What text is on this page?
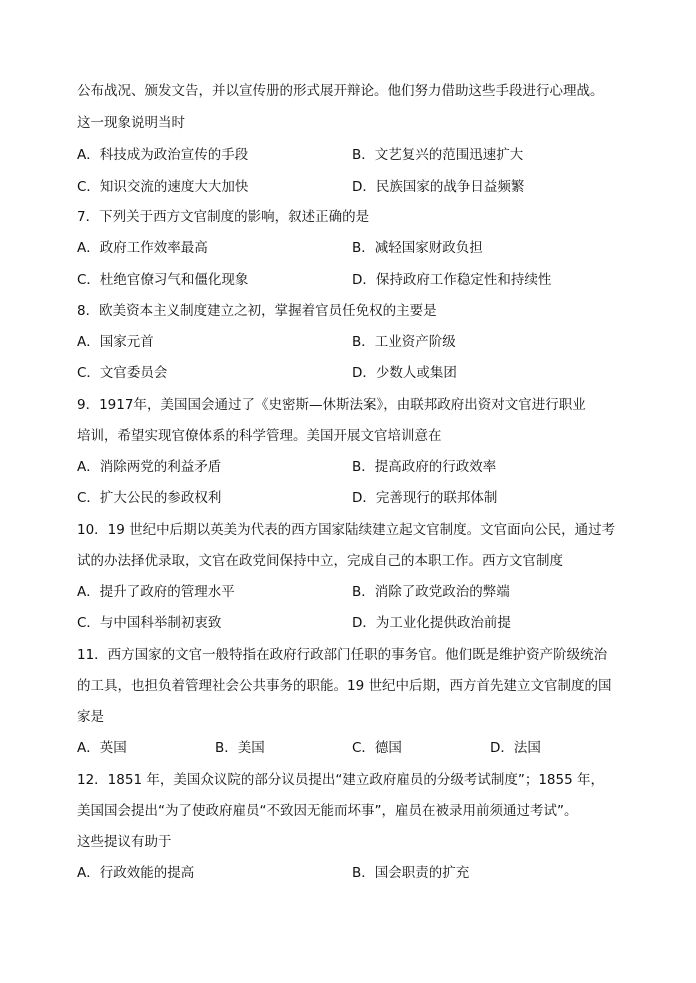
公布战况、颁发文告，并以宣传册的形式展开辩论。他们努力借助这些手段进行心理战。
这一现象说明当时
A．科技成为政治宣传的手段	B．文艺复兴的范围迅速扩大
C．知识交流的速度大大加快	D．民族国家的战争日益频繁
7．下列关于西方文官制度的影响，叙述正确的是
A．政府工作效率最高	B．减轻国家财政负担
C．杜绝官僚习气和僵化现象	D．保持政府工作稳定性和持续性
8．欧美资本主义制度建立之初，掌握着官员任免权的主要是
A．国家元首	B．工业资产阶级
C．文官委员会	D．少数人或集团
9．1917年，美国国会通过了《史密斯—休斯法案》，由联邦政府出资对文官进行职业
培训，希望实现官僚体系的科学管理。美国开展文官培训意在
A．消除两党的利益矛盾	B．提高政府的行政效率
C．扩大公民的参政权利	D．完善现行的联邦体制
10．19 世纪中后期以英美为代表的西方国家陆续建立起文官制度。文官面向公民，通过考
试的办法择优录取，文官在政党间保持中立，完成自己的本职工作。西方文官制度
A．提升了政府的管理水平	B．消除了政党政治的弊端
C．与中国科举制初衷致	D．为工业化提供政治前提
11．西方国家的文官一般特指在政府行政部门任职的事务官。他们既是维护资产阶级统治
的工具，也担负着管理社会公共事务的职能。19 世纪中后期，西方首先建立文官制度的国
家是
A．英国	B．美国	C．德国	D．法国
12．1851 年，美国众议院的部分议员提出“建立政府雇员的分级考试制度”；1855 年，
美国国会提出“为了使政府雇员“不致因无能而坏事”，雇员在被录用前须通过考试”。
这些提议有助于
A．行政效能的提高	B．国会职责的扩充
